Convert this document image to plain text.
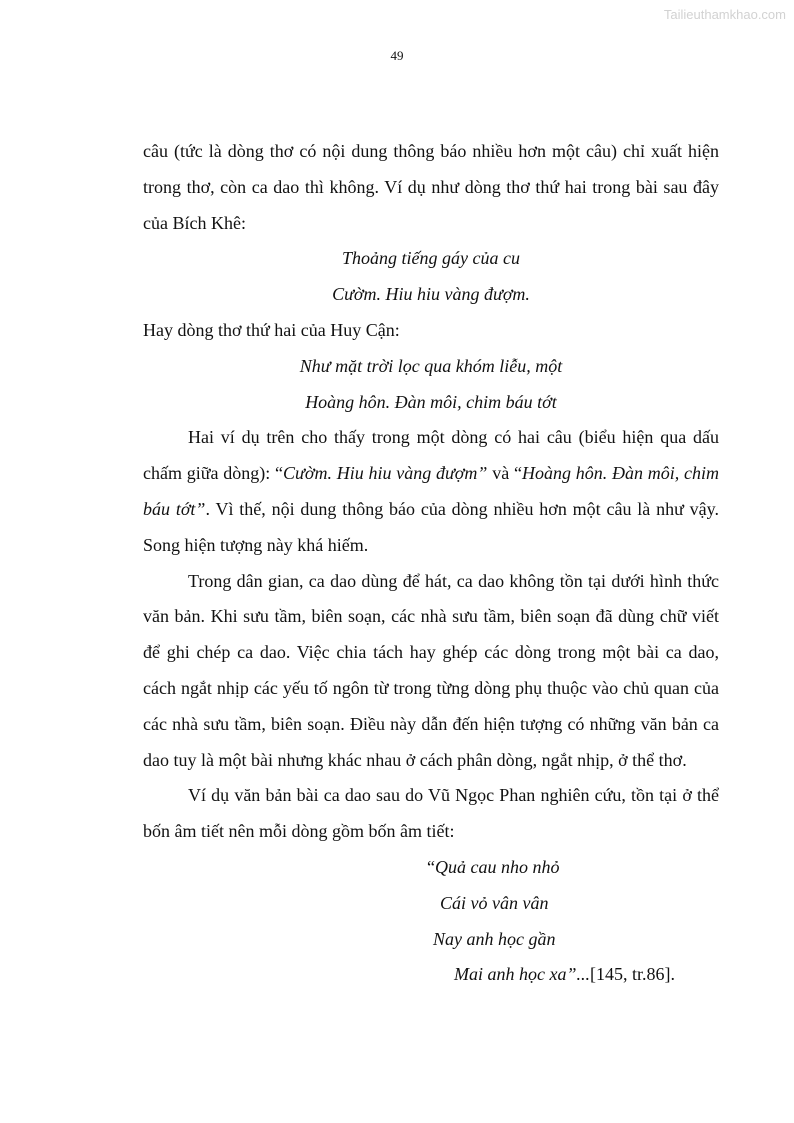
Tailieuthamkhao.com
49

câu (tức là dòng thơ có nội dung thông báo nhiều hơn một câu) chỉ xuất hiện trong thơ, còn ca dao thì không. Ví dụ như dòng thơ thứ hai trong bài sau đây của Bích Khê:

Thoảng tiếng gáy của cu

Cườm. Hiu hiu vàng đượm.

Hay dòng thơ thứ hai của Huy Cận:

Như mặt trời lọc qua khóm liễu, một

Hoàng hôn. Đàn môi, chim báu tớt

Hai ví dụ trên cho thấy trong một dòng có hai câu (biểu hiện qua dấu chấm giữa dòng): “Cườm. Hiu hiu vàng đượm” và “Hoàng hôn. Đàn môi, chim báu tớt”. Vì thế, nội dung thông báo của dòng nhiều hơn một câu là như vậy. Song hiện tượng này khá hiếm.

Trong dân gian, ca dao dùng để hát, ca dao không tồn tại dưới hình thức văn bản. Khi sưu tầm, biên soạn, các nhà sưu tầm, biên soạn đã dùng chữ viết để ghi chép ca dao. Việc chia tách hay ghép các dòng trong một bài ca dao, cách ngắt nhịp các yếu tố ngôn từ trong từng dòng phụ thuộc vào chủ quan của các nhà sưu tầm, biên soạn. Điều này dẫn đến hiện tượng có những văn bản ca dao tuy là một bài nhưng khác nhau ở cách phân dòng, ngắt nhịp, ở thể thơ.

Ví dụ văn bản bài ca dao sau do Vũ Ngọc Phan nghiên cứu, tồn tại ở thể bốn âm tiết nên mỗi dòng gồm bốn âm tiết:

“Quả cau nho nhỏ
Cái vỏ vân vân
Nay anh học gần
Mai anh học xa”...[145, tr.86].
